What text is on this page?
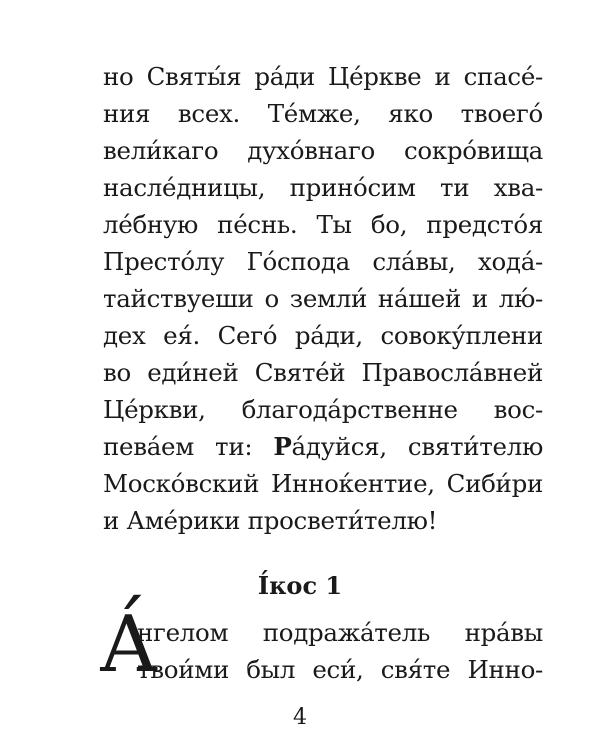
но Святы́я ра́ди Це́ркве и спасе́-
ния всех. Те́мже, яко твоего́
вели́каго духо́внаго сокро́вища
насле́дницы, прино́сим ти хва-
ле́бную пе́снь. Ты бо, предсто́я
Престо́лу Го́спода сла́вы, хода́-
тайствуеши о земли́ на́шей и лю́-
дех ея́. Сего́ ра́ди, совоку́плени
во еди́ней Святе́й Правосла́вней
Це́ркви, благода́рственне вос-
пева́ем ти: Ра́дуйся, святи́телю
Моско́вский Инноќентие, Сиби́ри
и Аме́рики просвети́телю!
І́кос 1
А́
нгелом подража́тель нра́вы
твои́ми был еси́, свя́те Инно-
4
